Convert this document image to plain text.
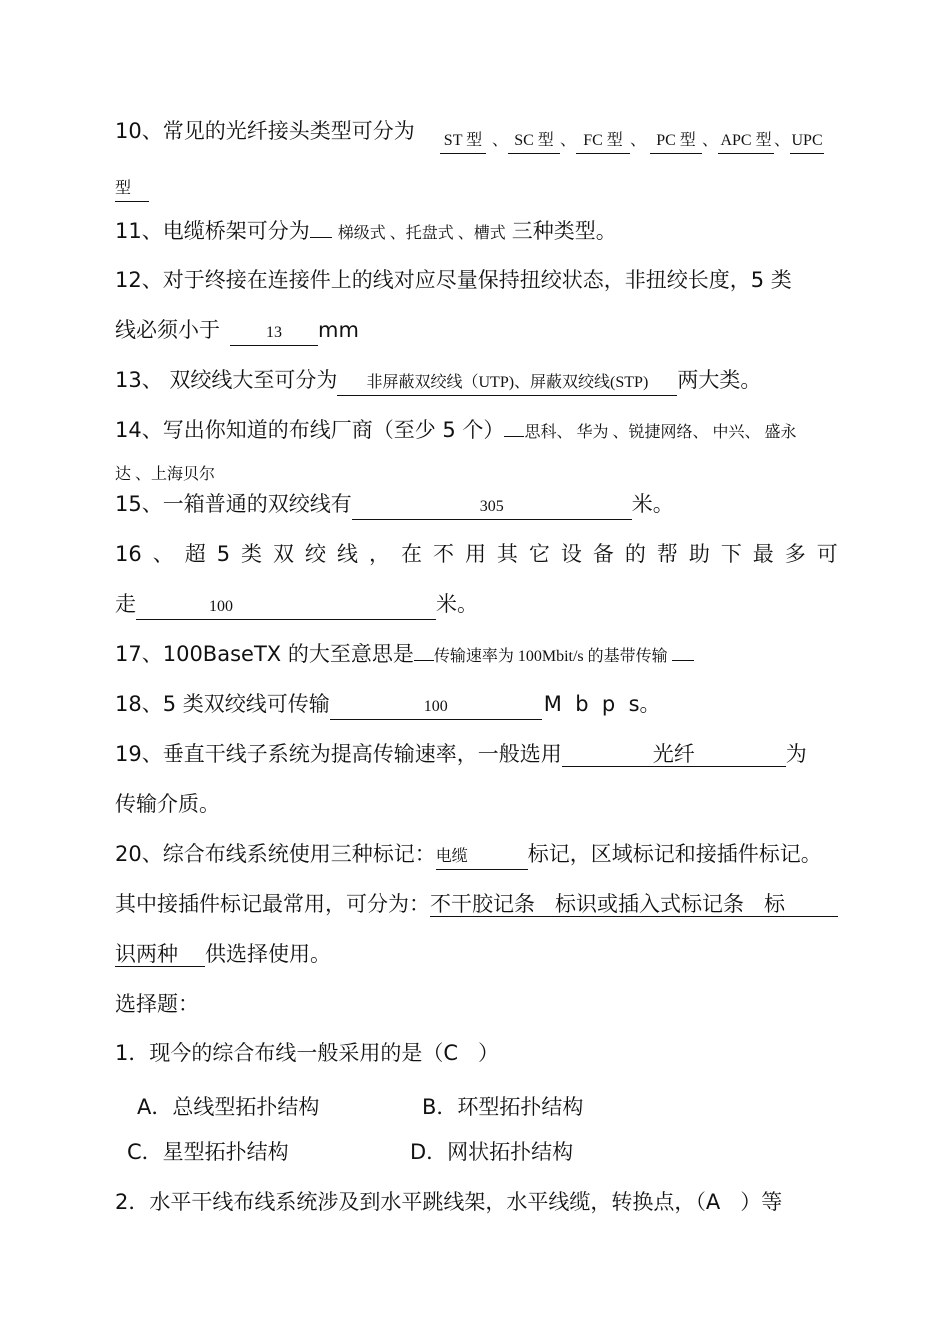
10、常见的光纤接头类型可分为	ST 型 、 SC 型 、 FC 型 、 PC 型 、 APC 型 、UPC
型
11、电缆桥架可分为 梯级式 、托盘式 、槽式 三种类型。
12、对于终接在连接件上的线对应尽量保持扭绞状态，非扭绞长度，5 类
线必须小于	13 mm
13、 双绞线大至可分为 非屏蔽双绞线（UTP)、屏蔽双绞线(STP) 两大类。
14、写出你知道的布线厂商（至少 5 个） 思科、 华为 、锐捷网络、 中兴、 盛永
达 、上海贝尔
15、一箱普通的双绞线有	305	米。
16 、 超 5 类 双 绞 线 ， 在 不 用 其 它 设 备 的 帮 助 下 最 多 可
走	100	米。
17、100BaseTX 的大至意思是 传输速率为 100Mbit/s 的基带传输
18、5 类双绞线可传输	100	M  b  p  s。
19、垂直干线子系统为提高传输速率，一般选用	光纤	为
传输介质。
20、综合布线系统使用三种标记：电缆	标记，区域标记和接插件标记。
其中接插件标记最常用，可分为：不干胶记条   标识或插入式标记条   标
识两种 供选择使用。
选择题：
1．现今的综合布线一般采用的是（C   ）
A．总线型拓扑结构	B．环型拓扑结构
C．星型拓扑结构	D．网状拓扑结构
2．水平干线布线系统涉及到水平跳线架，水平线缆，转换点，（A   ）等
